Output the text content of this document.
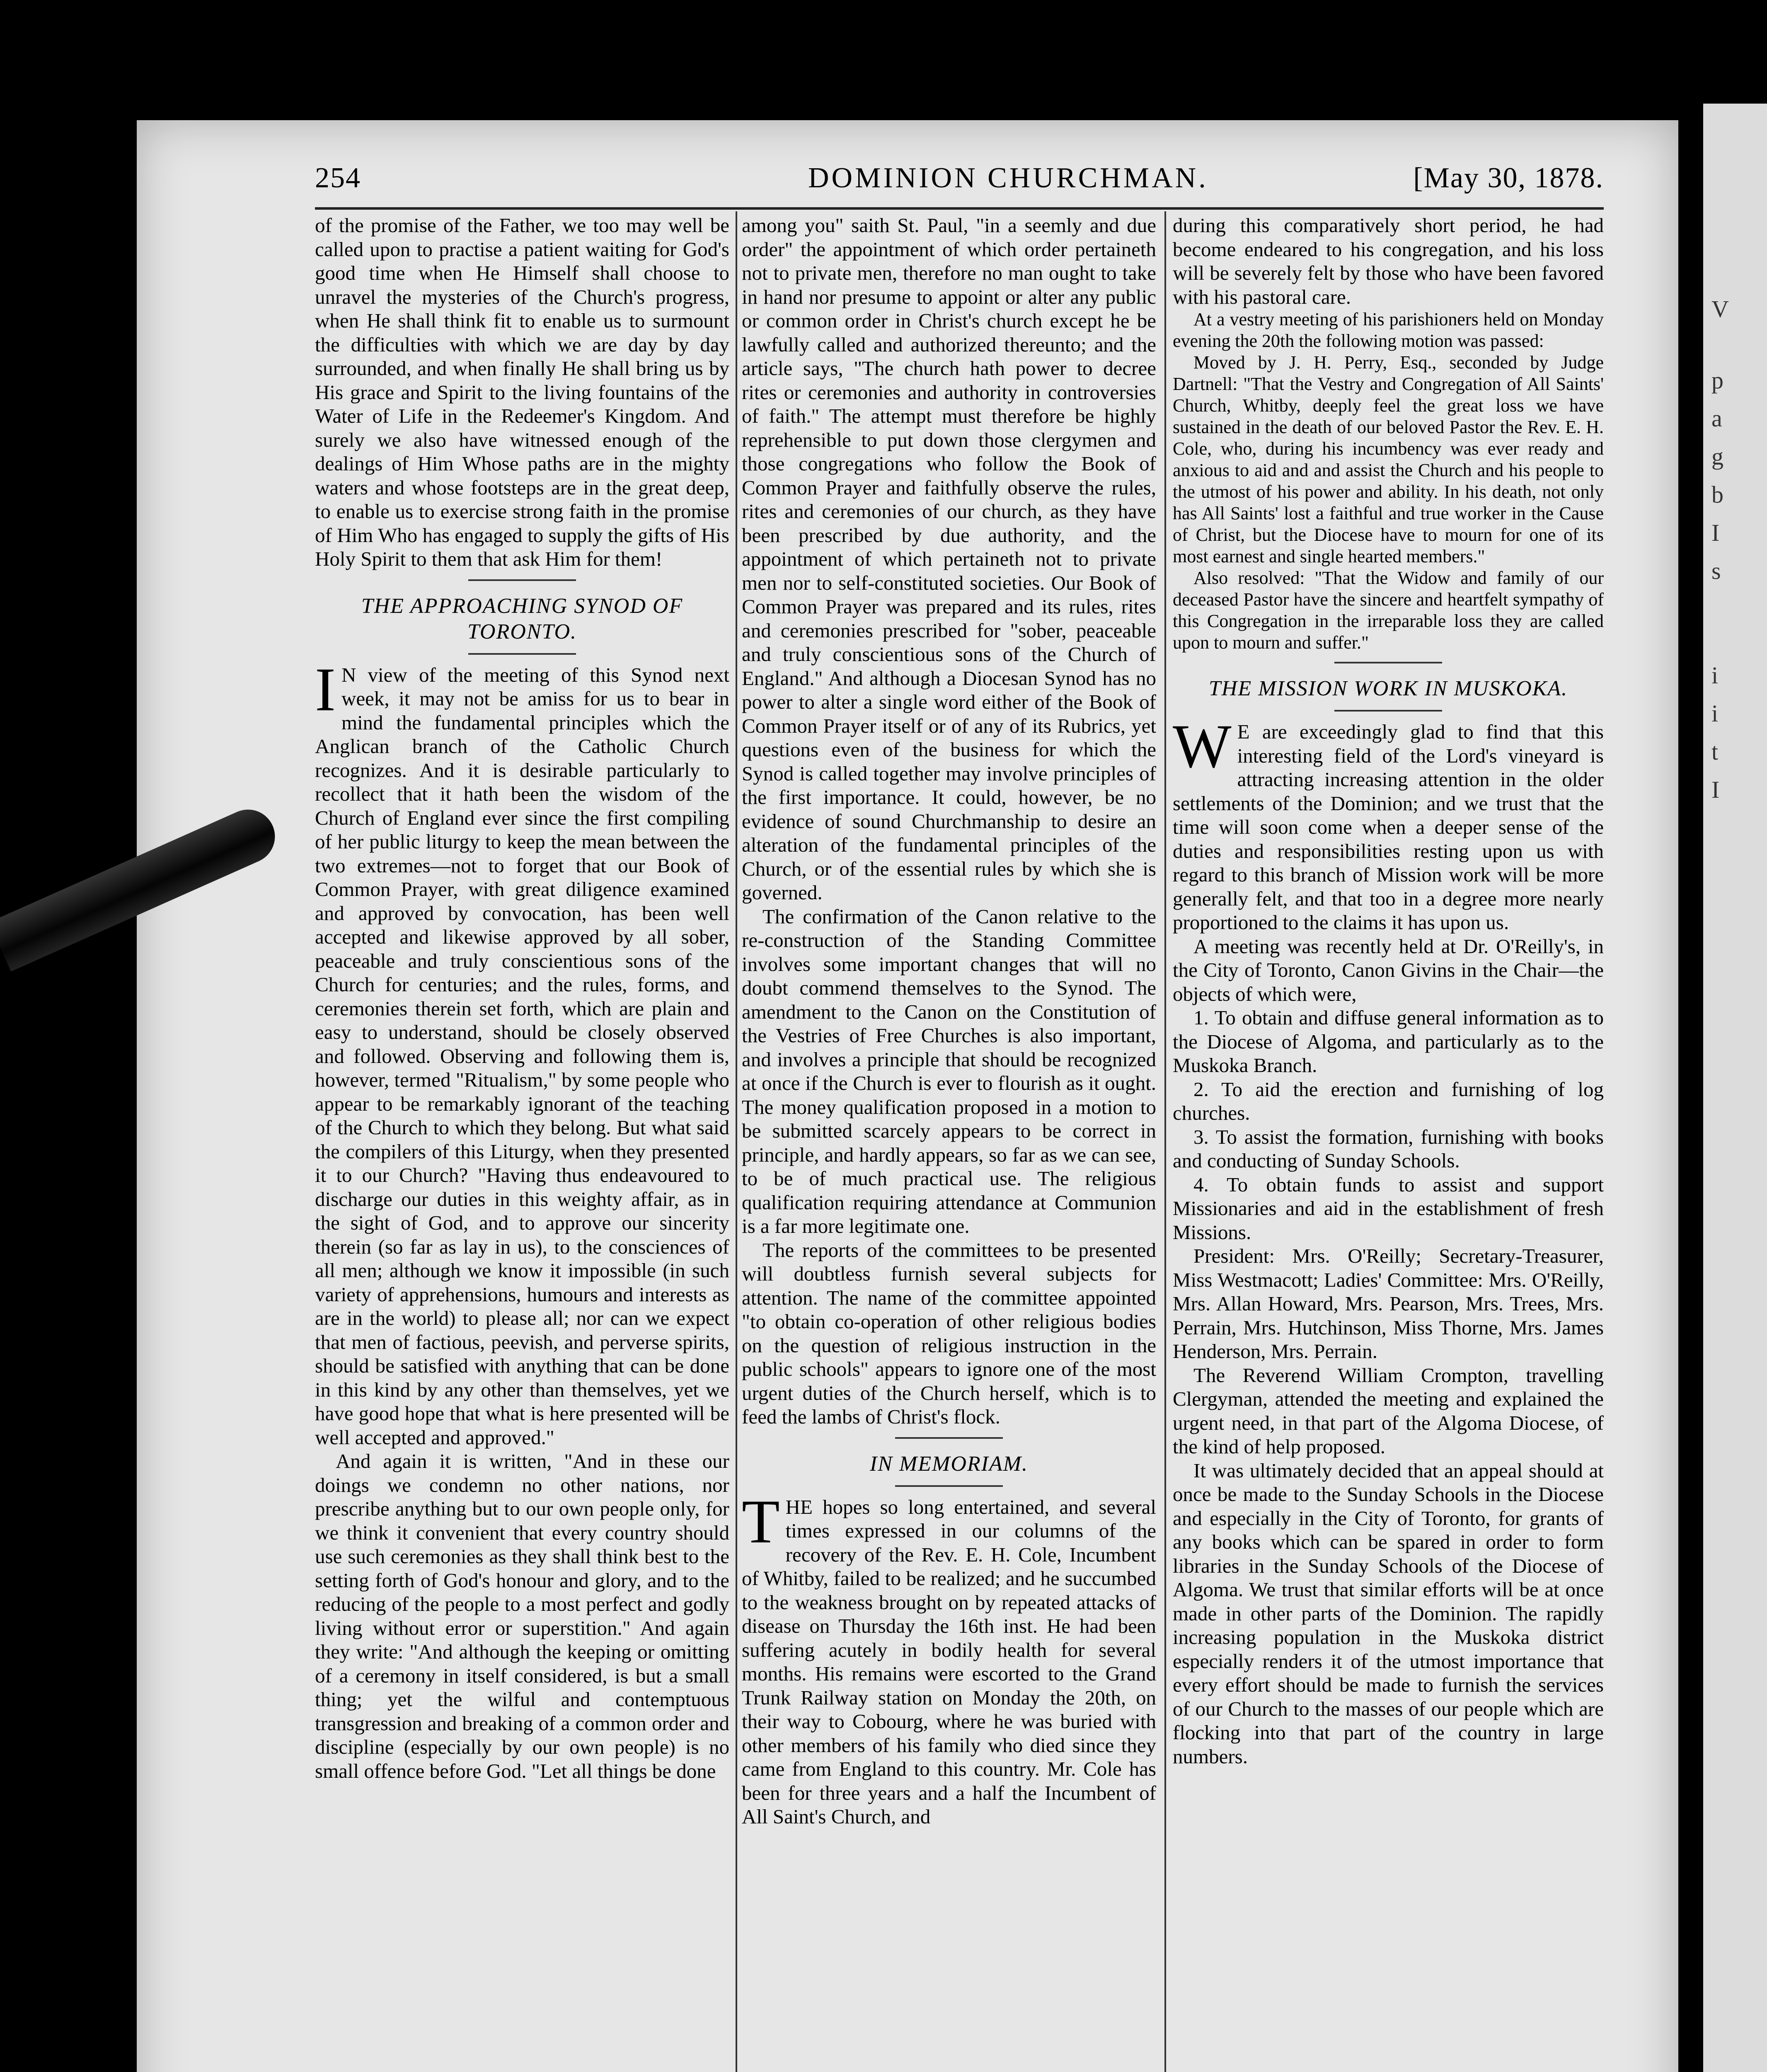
V
p
a
g
b
I
s
i
i
t
I
254	DOMINION CHURCHMAN.	[May 30, 1878.

of the promise of the Father, we too may well be called upon to practise a patient waiting for God's good time when He Himself shall choose to unravel the mysteries of the Church's progress, when He shall think fit to enable us to surmount the difficulties with which we are day by day surrounded, and when finally He shall bring us by His grace and Spirit to the living fountains of the Water of Life in the Redeemer's Kingdom. And surely we also have witnessed enough of the dealings of Him Whose paths are in the mighty waters and whose footsteps are in the great deep, to enable us to exercise strong faith in the promise of Him Who has engaged to supply the gifts of His Holy Spirit to them that ask Him for them!

THE APPROACHING SYNOD OF TORONTO.

I N view of the meeting of this Synod next week, it may not be amiss for us to bear in mind the fundamental principles which the Anglican branch of the Catholic Church recognizes. And it is desirable particularly to recollect that it hath been the wisdom of the Church of England ever since the first compiling of her public liturgy to keep the mean between the two extremes—not to forget that our Book of Common Prayer, with great diligence examined and approved by convocation, has been well accepted and likewise approved by all sober, peaceable and truly conscientious sons of the Church for centuries; and the rules, forms, and ceremonies therein set forth, which are plain and easy to understand, should be closely observed and followed. Observing and following them is, however, termed "Ritualism," by some people who appear to be remarkably ignorant of the teaching of the Church to which they belong. But what said the compilers of this Liturgy, when they presented it to our Church? "Having thus endeavoured to discharge our duties in this weighty affair, as in the sight of God, and to approve our sincerity therein (so far as lay in us), to the consciences of all men; although we know it impossible (in such variety of apprehensions, humours and interests as are in the world) to please all; nor can we expect that men of factious, peevish, and perverse spirits, should be satisfied with anything that can be done in this kind by any other than themselves, yet we have good hope that what is here presented will be well accepted and approved."

And again it is written, "And in these our doings we condemn no other nations, nor prescribe anything but to our own people only, for we think it convenient that every country should use such ceremonies as they shall think best to the setting forth of God's honour and glory, and to the reducing of the people to a most perfect and godly living without error or superstition." And again they write: "And although the keeping or omitting of a ceremony in itself considered, is but a small thing; yet the wilful and contemptuous transgression and breaking of a common order and discipline (especially by our own people) is no small offence before God. "Let all things be done

among you" saith St. Paul, "in a seemly and due order" the appointment of which order pertaineth not to private men, therefore no man ought to take in hand nor presume to appoint or alter any public or common order in Christ's church except he be lawfully called and authorized thereunto; and the article says, "The church hath power to decree rites or ceremonies and authority in controversies of faith." The attempt must therefore be highly reprehensible to put down those clergymen and those congregations who follow the Book of Common Prayer and faithfully observe the rules, rites and ceremonies of our church, as they have been prescribed by due authority, and the appointment of which pertaineth not to private men nor to self-constituted societies. Our Book of Common Prayer was prepared and its rules, rites and ceremonies prescribed for "sober, peaceable and truly conscientious sons of the Church of England." And although a Diocesan Synod has no power to alter a single word either of the Book of Common Prayer itself or of any of its Rubrics, yet questions even of the business for which the Synod is called together may involve principles of the first importance. It could, however, be no evidence of sound Churchmanship to desire an alteration of the fundamental principles of the Church, or of the essential rules by which she is governed.

The confirmation of the Canon relative to the re-construction of the Standing Committee involves some important changes that will no doubt commend themselves to the Synod. The amendment to the Canon on the Constitution of the Vestries of Free Churches is also important, and involves a principle that should be recognized at once if the Church is ever to flourish as it ought. The money qualification proposed in a motion to be submitted scarcely appears to be correct in principle, and hardly appears, so far as we can see, to be of much practical use. The religious qualification requiring attendance at Communion is a far more legitimate one.

The reports of the committees to be presented will doubtless furnish several subjects for attention. The name of the committee appointed "to obtain co-operation of other religious bodies on the question of religious instruction in the public schools" appears to ignore one of the most urgent duties of the Church herself, which is to feed the lambs of Christ's flock.

IN MEMORIAM.

THE hopes so long entertained, and several times expressed in our columns of the recovery of the Rev. E. H. Cole, Incumbent of Whitby, failed to be realized; and he succumbed to the weakness brought on by repeated attacks of disease on Thursday the 16th inst. He had been suffering acutely in bodily health for several months. His remains were escorted to the Grand Trunk Railway station on Monday the 20th, on their way to Cobourg, where he was buried with other members of his family who died since they came from England to this country. Mr. Cole has been for three years and a half the Incumbent of All Saint's Church, and

during this comparatively short period, he had become endeared to his congregation, and his loss will be severely felt by those who have been favored with his pastoral care.

At a vestry meeting of his parishioners held on Monday evening the 20th the following motion was passed:

Moved by J. H. Perry, Esq., seconded by Judge Dartnell: "That the Vestry and Congregation of All Saints' Church, Whitby, deeply feel the great loss we have sustained in the death of our beloved Pastor the Rev. E. H. Cole, who, during his incumbency was ever ready and anxious to aid and and assist the Church and his people to the utmost of his power and ability. In his death, not only has All Saints' lost a faithful and true worker in the Cause of Christ, but the Diocese have to mourn for one of its most earnest and single hearted members."

Also resolved: "That the Widow and family of our deceased Pastor have the sincere and heartfelt sympathy of this Congregation in the irreparable loss they are called upon to mourn and suffer."

THE MISSION WORK IN MUSKOKA.

W E are exceedingly glad to find that this interesting field of the Lord's vineyard is attracting increasing attention in the older settlements of the Dominion; and we trust that the time will soon come when a deeper sense of the duties and responsibilities resting upon us with regard to this branch of Mission work will be more generally felt, and that too in a degree more nearly proportioned to the claims it has upon us.

A meeting was recently held at Dr. O'Reilly's, in the City of Toronto, Canon Givins in the Chair—the objects of which were,

1. To obtain and diffuse general information as to the Diocese of Algoma, and particularly as to the Muskoka Branch.

2. To aid the erection and furnishing of log churches.

3. To assist the formation, furnishing with books and conducting of Sunday Schools.

4. To obtain funds to assist and support Missionaries and aid in the establishment of fresh Missions.

President: Mrs. O'Reilly; Secretary-Treasurer, Miss Westmacott; Ladies' Committee: Mrs. O'Reilly, Mrs. Allan Howard, Mrs. Pearson, Mrs. Trees, Mrs. Perrain, Mrs. Hutchinson, Miss Thorne, Mrs. James Henderson, Mrs. Perrain.

The Reverend William Crompton, travelling Clergyman, attended the meeting and explained the urgent need, in that part of the Algoma Diocese, of the kind of help proposed.

It was ultimately decided that an appeal should at once be made to the Sunday Schools in the Diocese and especially in the City of Toronto, for grants of any books which can be spared in order to form libraries in the Sunday Schools of the Diocese of Algoma. We trust that similar efforts will be at once made in other parts of the Dominion. The rapidly increasing population in the Muskoka district especially renders it of the utmost importance that every effort should be made to furnish the services of our Church to the masses of our people which are flocking into that part of the country in large numbers.
